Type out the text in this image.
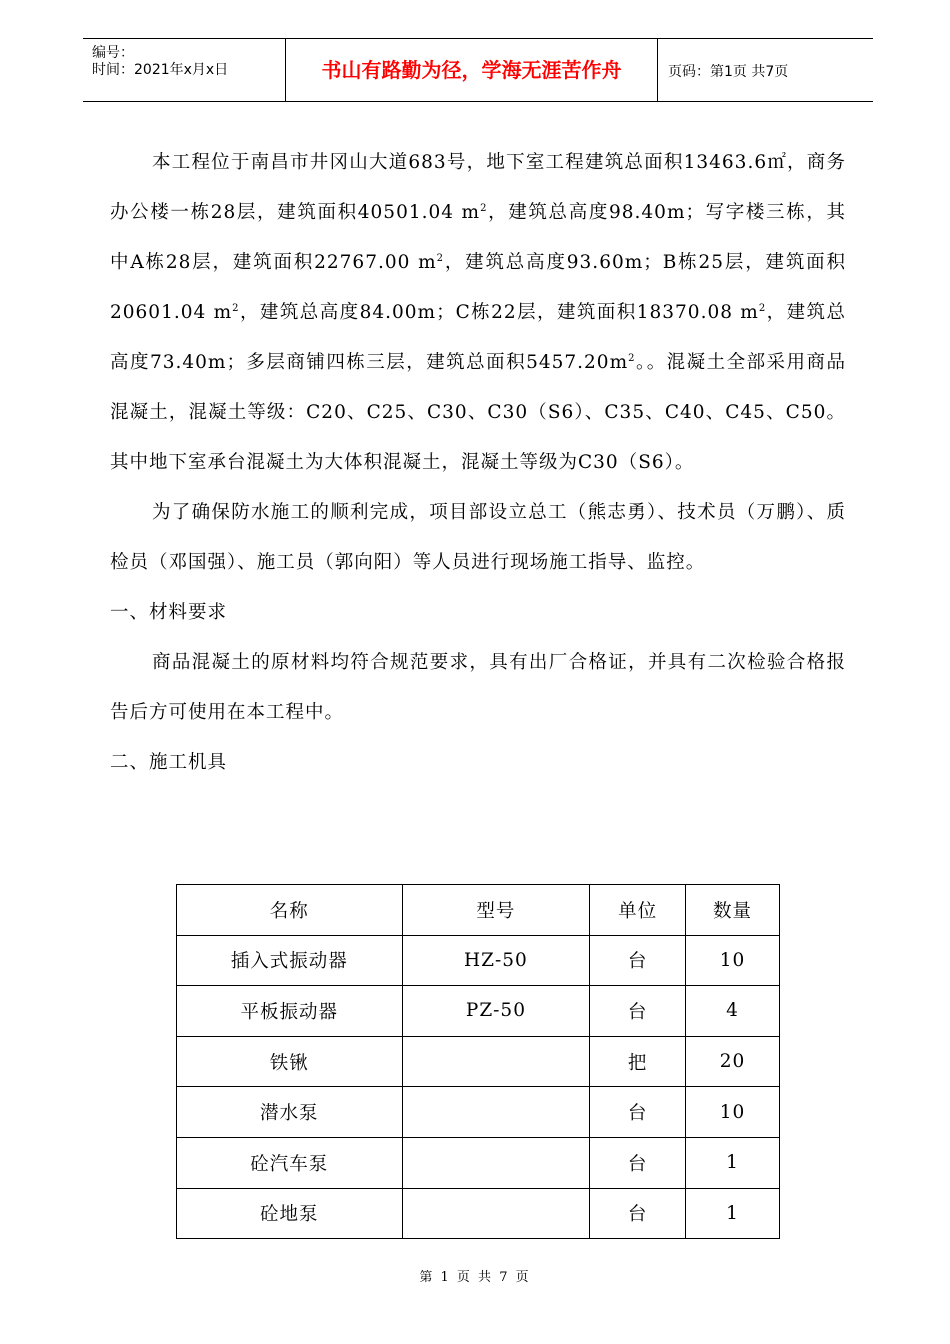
编号：
时间：2021年x月x日	书山有路勤为径，学海无涯苦作舟	页码：第1页 共7页

本工程位于南昌市井冈山大道683号，地下室工程建筑总面积13463.6㎡，商务办公楼一栋28层，建筑面积40501.04 $m^2$，建筑总高度98.40m；写字楼三栋，其中A栋28层，建筑面积22767.00 $m^2$，建筑总高度93.60m；B栋25层，建筑面积20601.04 $m^2$，建筑总高度84.00m；C栋22层，建筑面积18370.08 $m^2$，建筑总高度73.40m；多层商铺四栋三层，建筑总面积$5457.20m^2$。。混凝土全部采用商品混凝土，混凝土等级：C20、C25、C30、C30（S6）、C35、C40、C45、C50。其中地下室承台混凝土为大体积混凝土，混凝土等级为C30（S6）。

为了确保防水施工的顺利完成，项目部设立总工（熊志勇）、技术员（万鹏）、质检员（邓国强）、施工员（郭向阳）等人员进行现场施工指导、监控。

一、材料要求

商品混凝土的原材料均符合规范要求，具有出厂合格证，并具有二次检验合格报告后方可使用在本工程中。

二、施工机具

名称	型号	单位	数量
插入式振动器	HZ-50	台	10
平板振动器	PZ-50	台	4
铁锹		把	20
潜水泵		台	10
砼汽车泵		台	1
砼地泵		台	1
第 1 页 共 7 页
